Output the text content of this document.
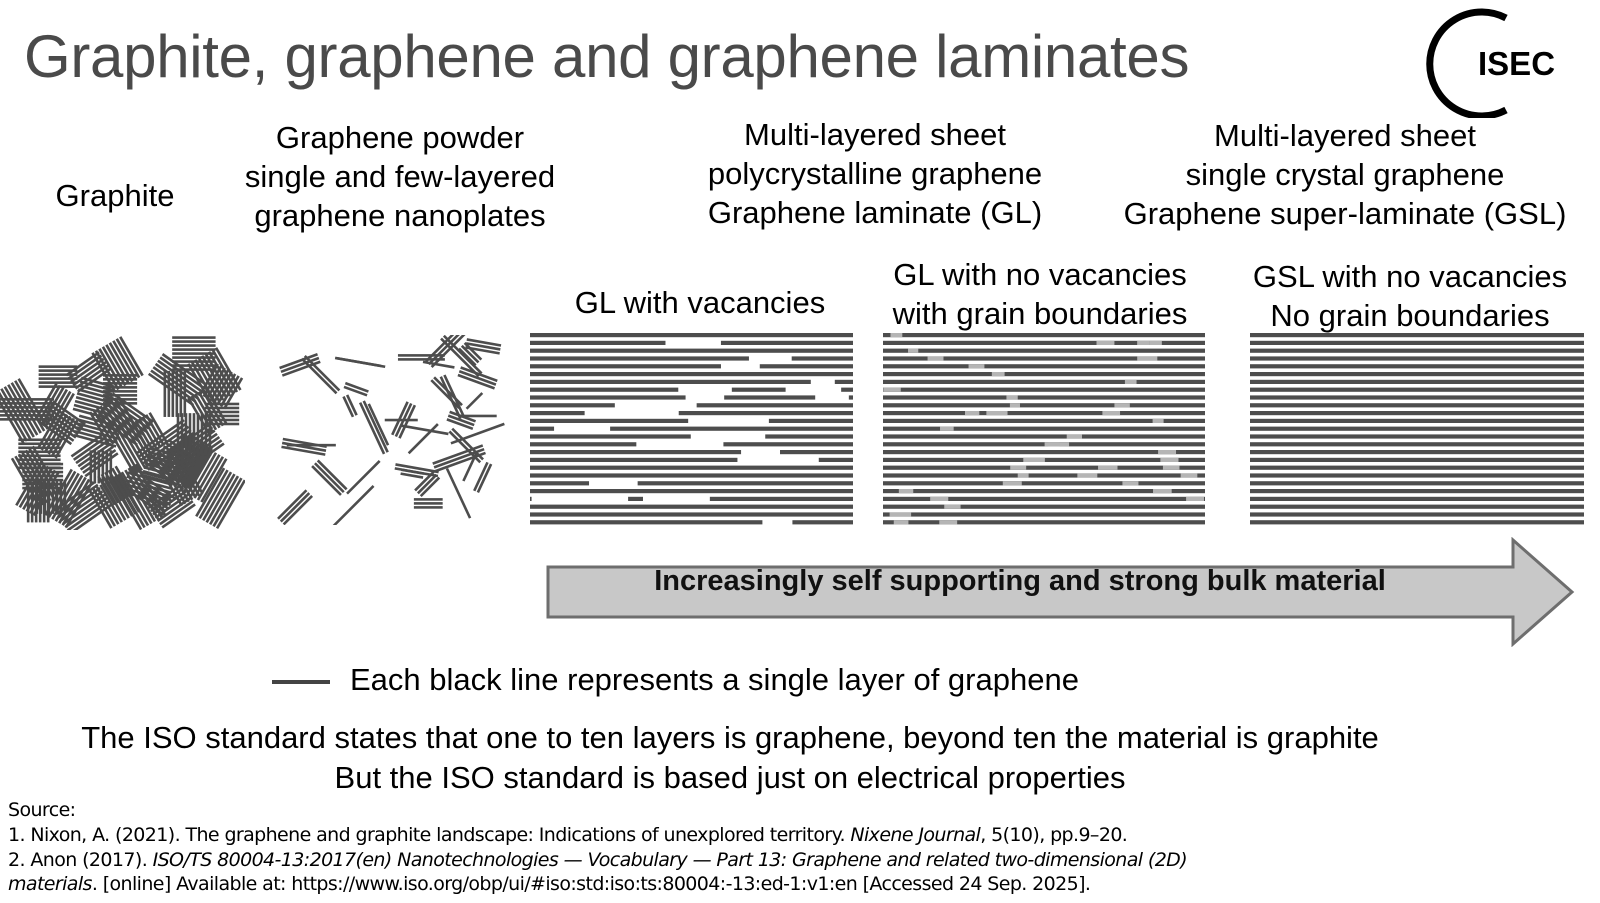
Graphite, graphene and graphene laminates	ISEC
Graphite
Graphene powder
single and few-layered
graphene nanoplates
Multi-layered sheet
polycrystalline graphene
Graphene laminate (GL)
Multi-layered sheet
single crystal graphene
Graphene super-laminate (GSL)
GL with vacancies
GL with no vacancies
with grain boundaries
GSL with no vacancies
No grain boundaries
Increasingly self supporting and strong bulk material
Each black line represents a single layer of graphene
The ISO standard states that one to ten layers is graphene, beyond ten the material is graphite
But the ISO standard is based just on electrical properties
Source:
1. Nixon, A. (2021). The graphene and graphite landscape: Indications of unexplored territory. Nixene Journal, 5(10), pp.9–20.
2. Anon (2017). ISO/TS 80004-13:2017(en) Nanotechnologies — Vocabulary — Part 13: Graphene and related two-dimensional (2D)
materials. [online] Available at: https://www.iso.org/obp/ui/#iso:std:iso:ts:80004:-13:ed-1:v1:en [Accessed 24 Sep. 2025].
